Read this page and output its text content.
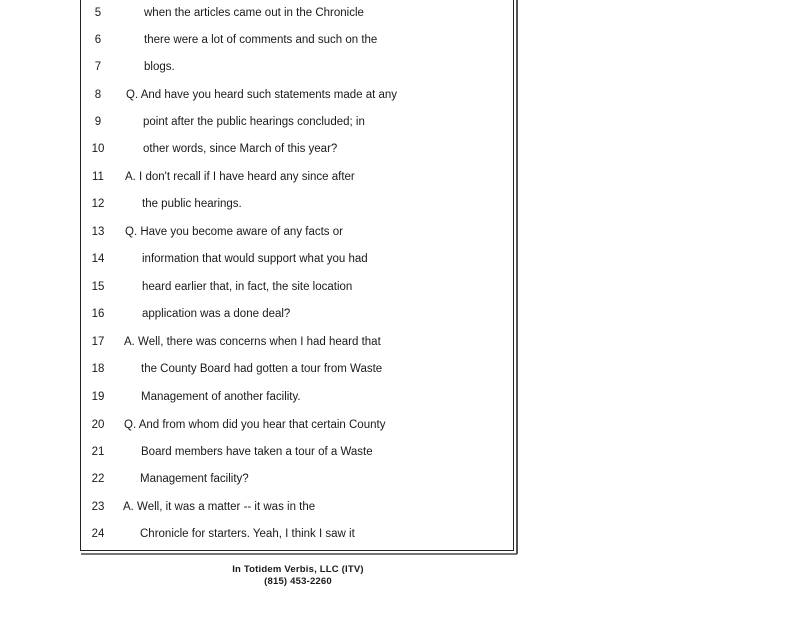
5	when the articles came out in the Chronicle
6	there were a lot of comments and such on the
7	blogs.
8	Q. And have you heard such statements made at any
9	point after the public hearings concluded; in
10	other words, since March of this year?
11	A. I don't recall if I have heard any since after
12	the public hearings.
13	Q. Have you become aware of any facts or
14	information that would support what you had
15	heard earlier that, in fact, the site location
16	application was a done deal?
17	A. Well, there was concerns when I had heard that
18	the County Board had gotten a tour from Waste
19	Management of another facility.
20	Q. And from whom did you hear that certain County
21	Board members have taken a tour of a Waste
22	Management facility?
23	A. Well, it was a matter -- it was in the
24	Chronicle for starters. Yeah, I think I saw it
In Totidem Verbis, LLC (ITV)
(815) 453-2260
